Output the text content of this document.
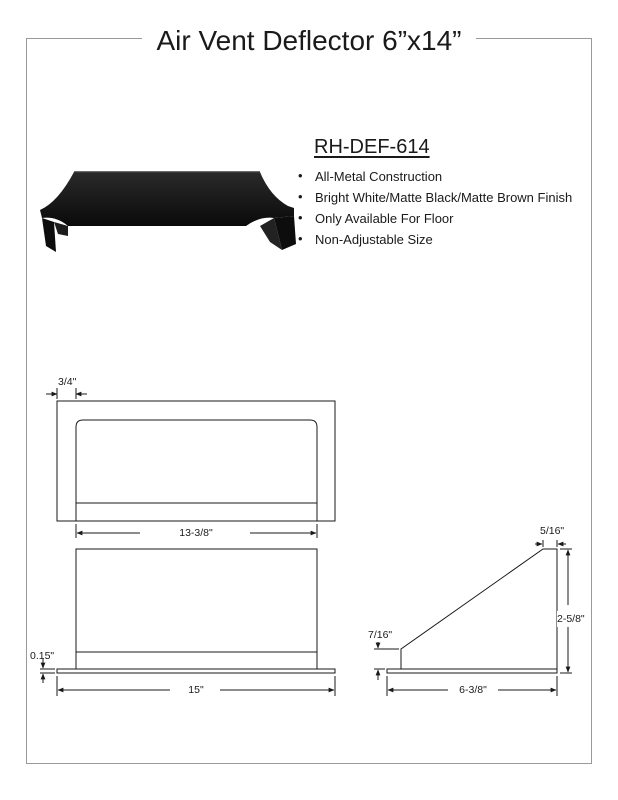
Air Vent Deflector 6”x14”
RH-DEF-614
• All-Metal Construction
• Bright White/Matte Black/Matte Brown Finish
• Only Available For Floor
• Non-Adjustable Size
3/4"
13-3/8"
0.15"
15"
5/16"
2-5/8"
7/16"
6-3/8"
